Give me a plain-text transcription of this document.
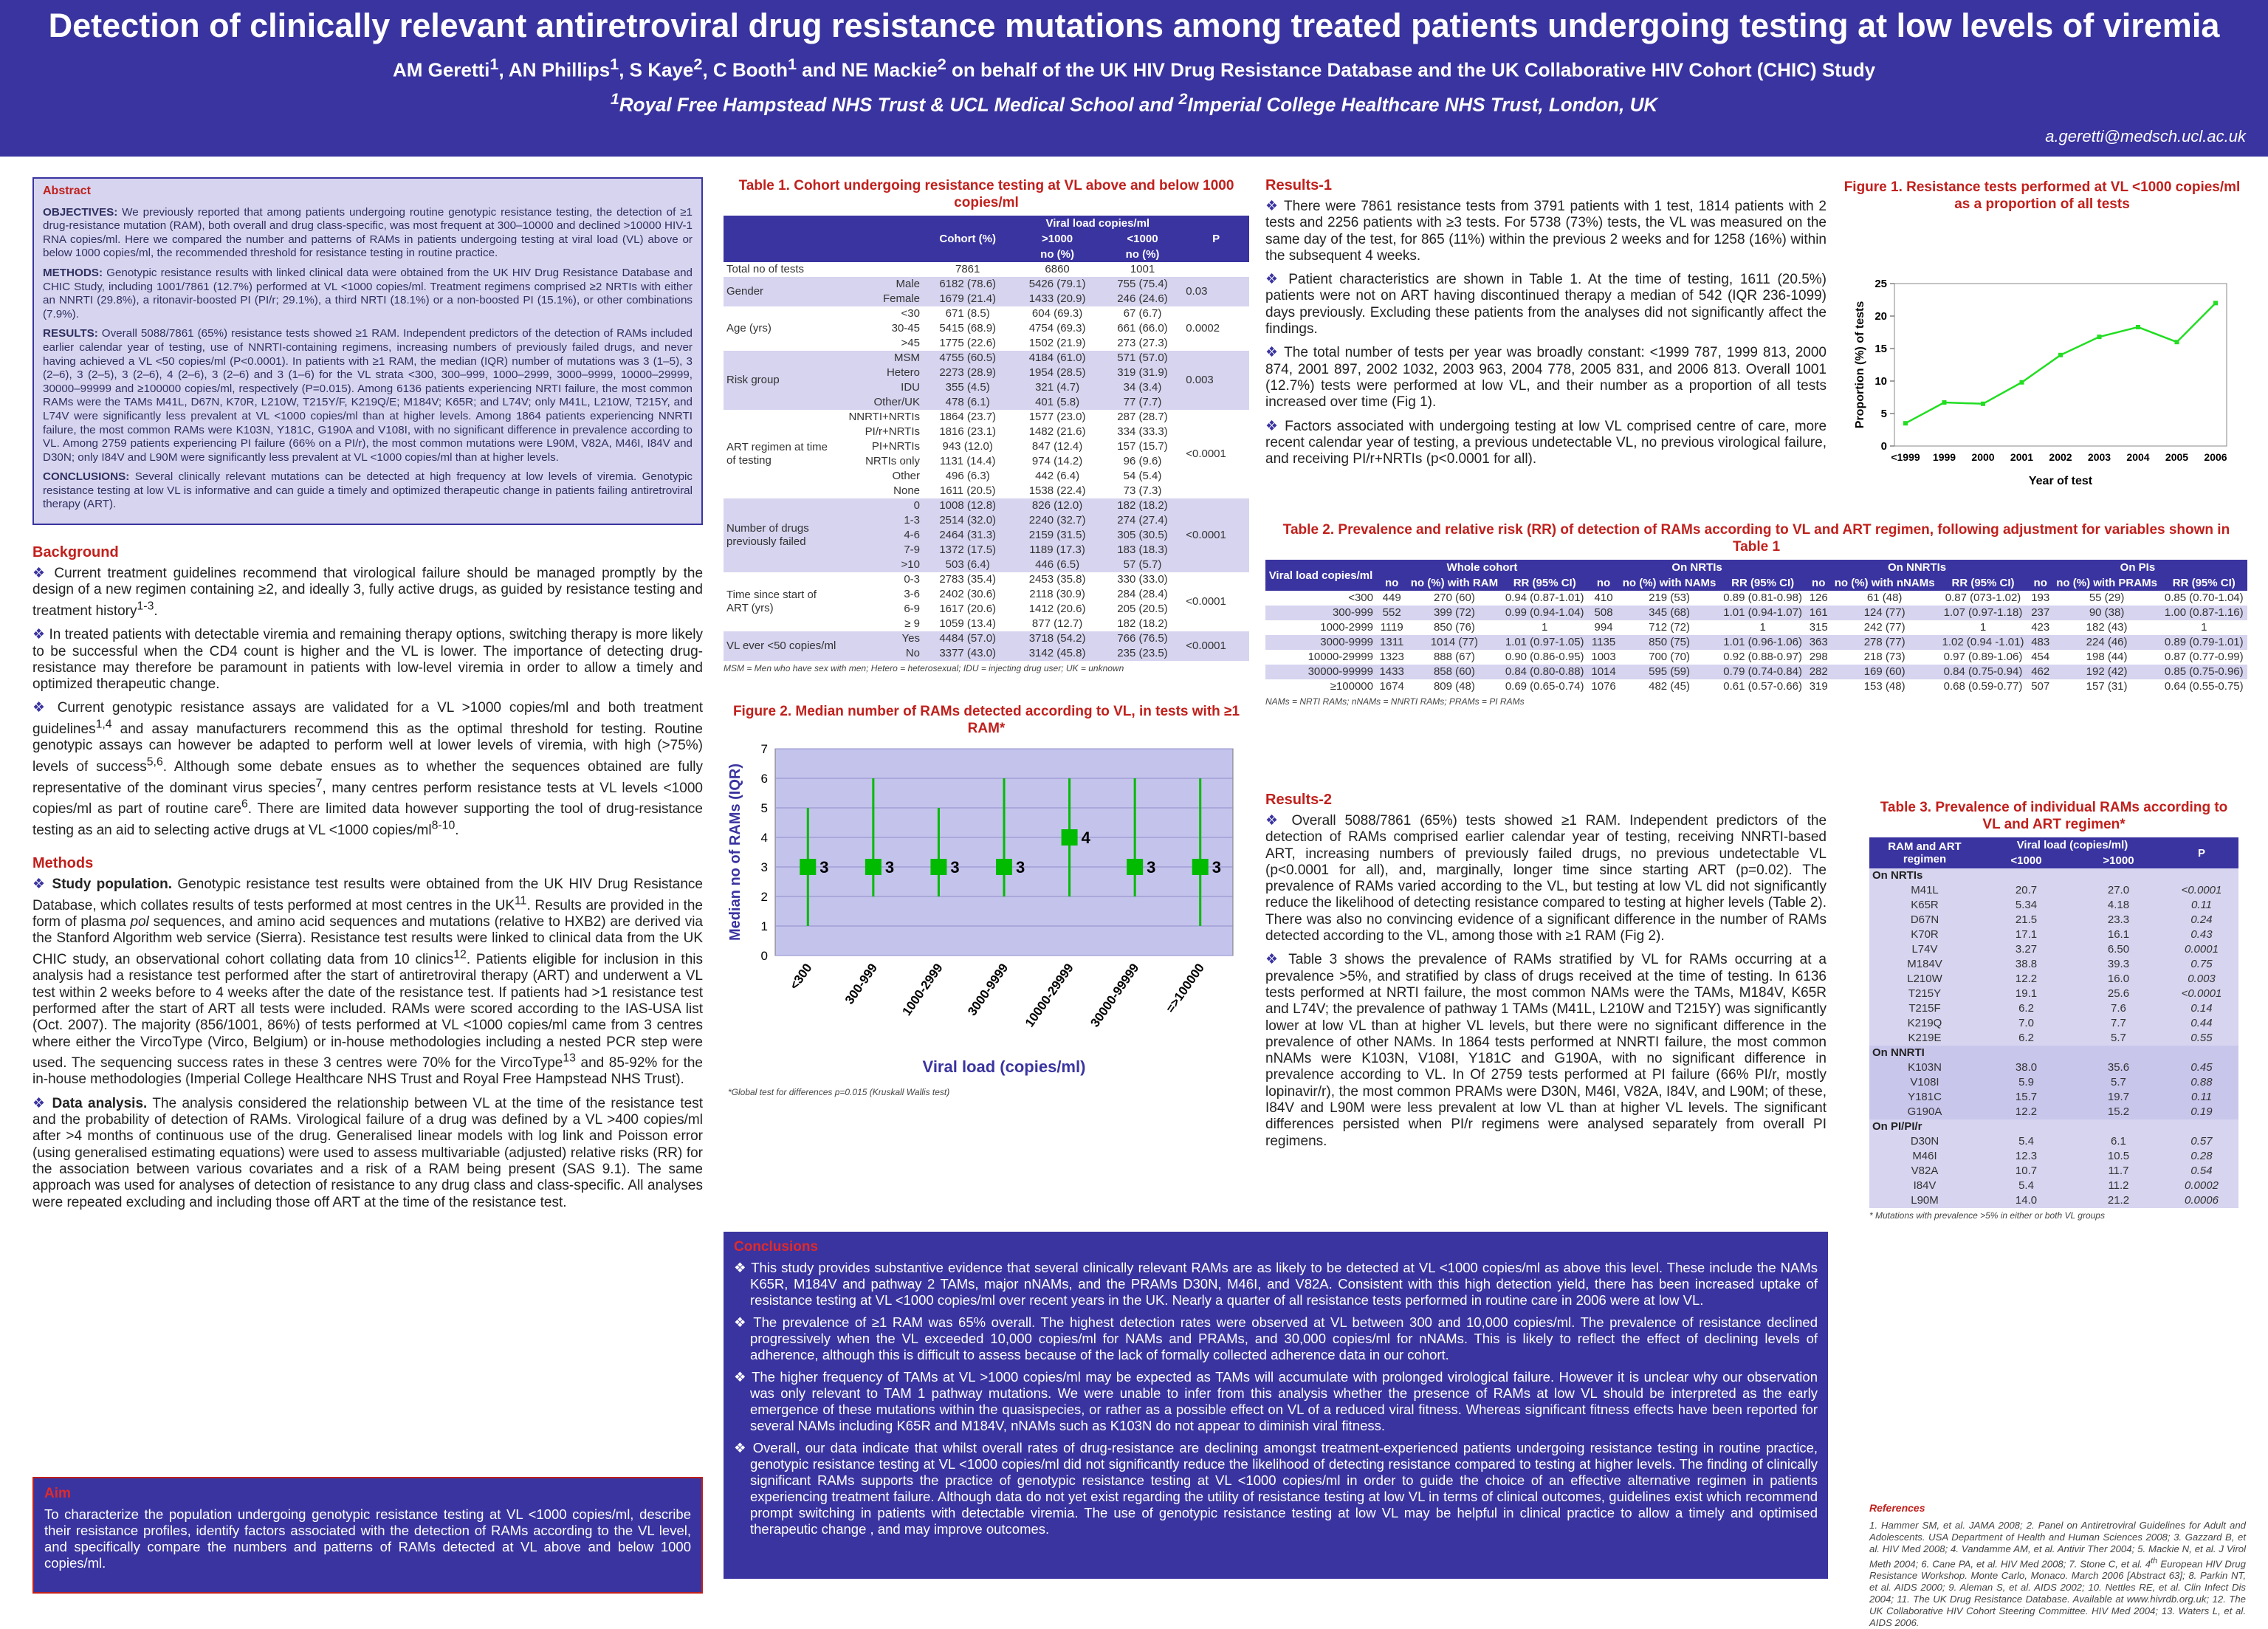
Detection of clinically relevant antiretroviral drug resistance mutations among treated patients undergoing testing at low levels of viremia
AM Geretti$^1$, AN Phillips$^1$, S Kaye$^2$, C Booth$^1$ and NE Mackie$^2$ on behalf of the UK HIV Drug Resistance Database and the UK Collaborative HIV Cohort (CHIC) Study
$^1$Royal Free Hampstead NHS Trust & UCL Medical School and $^2$Imperial College Healthcare NHS Trust, London, UK
a.geretti@medsch.ucl.ac.uk
Abstract

OBJECTIVES: We previously reported that among patients undergoing routine genotypic resistance testing, the detection of ≥1 drug-resistance mutation (RAM), both overall and drug class-specific, was most frequent at 300–10000 and declined >10000 HIV-1 RNA copies/ml. Here we compared the number and patterns of RAMs in patients undergoing testing at viral load (VL) above or below 1000 copies/ml, the recommended threshold for resistance testing in routine practice.

METHODS: Genotypic resistance results with linked clinical data were obtained from the UK HIV Drug Resistance Database and CHIC Study, including 1001/7861 (12.7%) performed at VL <1000 copies/ml. Treatment regimens comprised ≥2 NRTIs with either an NNRTI (29.8%), a ritonavir-boosted PI (PI/r; 29.1%), a third NRTI (18.1%) or a non-boosted PI (15.1%), or other combinations (7.9%).

RESULTS: Overall 5088/7861 (65%) resistance tests showed ≥1 RAM. Independent predictors of the detection of RAMs included earlier calendar year of testing, use of NNRTI-containing regimens, increasing numbers of previously failed drugs, and never having achieved a VL <50 copies/ml (P<0.0001). In patients with ≥1 RAM, the median (IQR) number of mutations was 3 (1–5), 3 (2–6), 3 (2–5), 3 (2–6), 4 (2–6), 3 (2–6) and 3 (1–6) for the VL strata <300, 300–999, 1000–2999, 3000–9999, 10000–29999, 30000–99999 and ≥100000 copies/ml, respectively (P=0.015). Among 6136 patients experiencing NRTI failure, the most common RAMs were the TAMs M41L, D67N, K70R, L210W, T215Y/F, K219Q/E; M184V; K65R; and L74V; only M41L, L210W, T215Y, and L74V were significantly less prevalent at VL <1000 copies/ml than at higher levels. Among 1864 patients experiencing NNRTI failure, the most common RAMs were K103N, Y181C, G190A and V108I, with no significant difference in prevalence according to VL. Among 2759 patients experiencing PI failure (66% on a PI/r), the most common mutations were L90M, V82A, M46I, I84V and D30N; only I84V and L90M were significantly less prevalent at VL <1000 copies/ml than at higher levels.

CONCLUSIONS: Several clinically relevant mutations can be detected at high frequency at low levels of viremia. Genotypic resistance testing at low VL is informative and can guide a timely and optimized therapeutic change in patients failing antiretroviral therapy (ART).

Background

❖ Current treatment guidelines recommend that virological failure should be managed promptly by the design of a new regimen containing ≥2, and ideally 3, fully active drugs, as guided by resistance testing and treatment history$^{1-3}$.

❖ In treated patients with detectable viremia and remaining therapy options, switching therapy is more likely to be successful when the CD4 count is higher and the VL is lower. The importance of detecting drug-resistance may therefore be paramount in patients with low-level viremia in order to allow a timely and optimized therapeutic change.

❖ Current genotypic resistance assays are validated for a VL >1000 copies/ml and both treatment guidelines$^{1,4}$ and assay manufacturers recommend this as the optimal threshold for testing. Routine genotypic assays can however be adapted to perform well at lower levels of viremia, with high (>75%) levels of success$^{5,6}$. Although some debate ensues as to whether the sequences obtained are fully representative of the dominant virus species$^7$, many centres perform resistance tests at VL levels <1000 copies/ml as part of routine care$^6$. There are limited data however supporting the tool of drug-resistance testing as an aid to selecting active drugs at VL <1000 copies/$ml^{8-10}$.

Methods

❖ Study population. Genotypic resistance test results were obtained from the UK HIV Drug Resistance Database, which collates results of tests performed at most centres in the UK$^{11}$. Results are provided in the form of plasma pol sequences, and amino acid sequences and mutations (relative to HXB2) are derived via the Stanford Algorithm web service (Sierra). Resistance test results were linked to clinical data from the UK CHIC study, an observational cohort collating data from 10 clinics$^{12}$. Patients eligible for inclusion in this analysis had a resistance test performed after the start of antiretroviral therapy (ART) and underwent a VL test within 2 weeks before to 4 weeks after the date of the resistance test. If patients had >1 resistance test performed after the start of ART all tests were included. RAMs were scored according to the IAS-USA list (Oct. 2007). The majority (856/1001, 86%) of tests performed at VL <1000 copies/ml came from 3 centres where either the VircoType (Virco, Belgium) or in-house methodologies including a nested PCR step were used. The sequencing success rates in these 3 centres were 70% for the VircoType$^{13}$ and 85-92% for the in-house methodologies (Imperial College Healthcare NHS Trust and Royal Free Hampstead NHS Trust).

❖ Data analysis. The analysis considered the relationship between VL at the time of the resistance test and the probability of detection of RAMs. Virological failure of a drug was defined by a VL >400 copies/ml after >4 months of continuous use of the drug. Generalised linear models with log link and Poisson error (using generalised estimating equations) were used to assess multivariable (adjusted) relative risks (RR) for the association between various covariates and a risk of a RAM being present (SAS 9.1). The same approach was used for analyses of detection of resistance to any drug class and class-specific. All analyses were repeated excluding and including those off ART at the time of the resistance test.

Aim
To characterize the population undergoing genotypic resistance testing at VL <1000 copies/ml, describe their resistance profiles, identify factors associated with the detection of RAMs according to the VL level, and specifically compare the numbers and patterns of RAMs detected at VL above and below 1000 copies/ml.
Table 1. Cohort undergoing resistance testing at VL above and below 1000 copies/ml
		Cohort (%)	Viral load copies/ml		P
			>1000	<1000	
			no (%)	no (%)	
Total no of tests		7861	6860	1001	
Gender	Male	6182 (78.6)	5426 (79.1)	755 (75.4)	0.03
	Female	1679 (21.4)	1433 (20.9)	246 (24.6)	
Age (yrs)	<30	671 (8.5)	604 (69.3)	67 (6.7)	0.0002
	30-45	5415 (68.9)	4754 (69.3)	661 (66.0)	
	>45	1775 (22.6)	1502 (21.9)	273 (27.3)	
Risk group	MSM	4755 (60.5)	4184 (61.0)	571 (57.0)	0.003
	Hetero	2273 (28.9)	1954 (28.5)	319 (31.9)	
	IDU	355 (4.5)	321 (4.7)	34 (3.4)	
	Other/UK	478 (6.1)	401 (5.8)	77 (7.7)	
ART regimen at time of testing	NNRTI+NRTIs	1864 (23.7)	1577 (23.0)	287 (28.7)	<0.0001
	PI/r+NRTIs	1816 (23.1)	1482 (21.6)	334 (33.3)	
	PI+NRTIs	943 (12.0)	847 (12.4)	157 (15.7)	
	NRTIs only	1131 (14.4)	974 (14.2)	96 (9.6)	
	Other	496 (6.3)	442 (6.4)	54 (5.4)	
	None	1611 (20.5)	1538 (22.4)	73 (7.3)	
Number of drugs previously failed	0	1008 (12.8)	826 (12.0)	182 (18.2)	<0.0001
	1-3	2514 (32.0)	2240 (32.7)	274 (27.4)	
	4-6	2464 (31.3)	2159 (31.5)	305 (30.5)	
	7-9	1372 (17.5)	1189 (17.3)	183 (18.3)	
	>10	503 (6.4)	446 (6.5)	57 (5.7)	
Time since start of ART (yrs)	0-3	2783 (35.4)	2453 (35.8)	330 (33.0)	<0.0001
	3-6	2402 (30.6)	2118 (30.9)	284 (28.4)	
	6-9	1617 (20.6)	1412 (20.6)	205 (20.5)	
	≥ 9	1059 (13.4)	877 (12.7)	182 (18.2)	
VL ever <50 copies/ml	Yes	4484 (57.0)	3718 (54.2)	766 (76.5)	<0.0001
	No	3377 (43.0)	3142 (45.8)	235 (23.5)	
MSM = Men who have sex with men; Hetero = heterosexual; IDU = injecting drug user; UK = unknown
Figure 2. Median number of RAMs detected according to VL, in tests with ≥1 RAM*
0
1
2
3
4
5
6
7
3
<300
3
300-999
3
1000-2999
3
3000-9999
4
10000-29999
3
30000-99999
3
=>100000
Viral load (copies/ml)
Median no of RAMs (IQR)
*Global test for differences p=0.015 (Kruskall Wallis test)
Conclusions
❖ This study provides substantive evidence that several clinically relevant RAMs are as likely to be detected at VL <1000 copies/ml as above this level. These include the NAMs K65R, M184V and pathway 2 TAMs, major nNAMs, and the PRAMs D30N, M46I, and V82A. Consistent with this high detection yield, there has been increased uptake of resistance testing at VL <1000 copies/ml over recent years in the UK. Nearly a quarter of all resistance tests performed in routine care in 2006 were at low VL.
❖ The prevalence of ≥1 RAM was 65% overall. The highest detection rates were observed at VL between 300 and 10,000 copies/ml. The prevalence of resistance declined progressively when the VL exceeded 10,000 copies/ml for NAMs and PRAMs, and 30,000 copies/ml for nNAMs. This is likely to reflect the effect of declining levels of adherence, although this is difficult to assess because of the lack of formally collected adherence data in our cohort.
❖ The higher frequency of TAMs at VL >1000 copies/ml may be expected as TAMs will accumulate with prolonged virological failure. However it is unclear why our observation was only relevant to TAM 1 pathway mutations. We were unable to infer from this analysis whether the presence of RAMs at low VL should be interpreted as the early emergence of these mutations within the quasispecies, or rather as a possible effect on VL of a reduced viral fitness. Whereas significant fitness effects have been reported for several NAMs including K65R and M184V, nNAMs such as K103N do not appear to diminish viral fitness.
❖ Overall, our data indicate that whilst overall rates of drug-resistance are declining amongst treatment-experienced patients undergoing resistance testing in routine practice, genotypic resistance testing at VL <1000 copies/ml did not significantly reduce the likelihood of detecting resistance compared to testing at higher levels. The finding of clinically significant RAMs supports the practice of genotypic resistance testing at VL <1000 copies/ml in order to guide the choice of an effective alternative regimen in patients experiencing treatment failure. Although data do not yet exist regarding the utility of resistance testing at low VL in terms of clinical outcomes, guidelines exist which recommend prompt switching in patients with detectable viremia. The use of genotypic resistance testing at low VL may be helpful in clinical practice to allow a timely and optimised therapeutic change , and may improve outcomes.
Results-1

❖ There were 7861 resistance tests from 3791 patients with 1 test, 1814 patients with 2 tests and 2256 patients with ≥3 tests. For 5738 (73%) tests, the VL was measured on the same day of the test, for 865 (11%) within the previous 2 weeks and for 1258 (16%) within the subsequent 4 weeks.

❖ Patient characteristics are shown in Table 1. At the time of testing, 1611 (20.5%) patients were not on ART having discontinued therapy a median of 542 (IQR 236-1099) days previously. Excluding these patients from the analyses did not significantly affect the findings.

❖ The total number of tests per year was broadly constant: <1999 787, 1999 813, 2000 874, 2001 897, 2002 1032, 2003 963, 2004 778, 2005 831, and 2006 813. Overall 1001 (12.7%) tests were performed at low VL, and their number as a proportion of all tests increased over time (Fig 1).

❖ Factors associated with undergoing testing at low VL comprised centre of care, more recent calendar year of testing, a previous undetectable VL, no previous virological failure, and receiving PI/r+NRTIs (p<0.0001 for all).

Figure 1. Resistance tests performed at VL <1000 copies/ml as a proportion of all tests
0
5
10
15
20
25
<1999 1999 2000 2001 2002 2003 2004 2005 2006
Year of test
Proportion (%) of tests
Table 2. Prevalence and relative risk (RR) of detection of RAMs according to VL and ART regimen, following adjustment for variables shown in Table 1
Viral load copies/ml	Whole cohort			On NRTIs			On NNRTIs			On PIs		
	no	no (%) with RAM	RR (95% CI)	no	no (%) with NAMs	RR (95% CI)	no	no (%) with nNAMs	RR (95% CI)	no	no (%) with PRAMs	RR (95% CI)
<300	449	270 (60)	0.94 (0.87-1.01)	410	219 (53)	0.89 (0.81-0.98)	126	61 (48)	0.87 (073-1.02)	193	55 (29)	0.85 (0.70-1.04)
300-999	552	399 (72)	0.99 (0.94-1.04)	508	345 (68)	1.01 (0.94-1.07)	161	124 (77)	1.07 (0.97-1.18)	237	90 (38)	1.00 (0.87-1.16)
1000-2999	1119	850 (76)	1	994	712 (72)	1	315	242 (77)	1	423	182 (43)	1
3000-9999	1311	1014 (77)	1.01 (0.97-1.05)	1135	850 (75)	1.01 (0.96-1.06)	363	278 (77)	1.02 (0.94 -1.01)	483	224 (46)	0.89 (0.79-1.01)
10000-29999	1323	888 (67)	0.90 (0.86-0.95)	1003	700 (70)	0.92 (0.88-0.97)	298	218 (73)	0.97 (0.89-1.06)	454	198 (44)	0.87 (0.77-0.99)
30000-99999	1433	858 (60)	0.84 (0.80-0.88)	1014	595 (59)	0.79 (0.74-0.84)	282	169 (60)	0.84 (0.75-0.94)	462	192 (42)	0.85 (0.75-0.96)
≥100000	1674	809 (48)	0.69 (0.65-0.74)	1076	482 (45)	0.61 (0.57-0.66)	319	153 (48)	0.68 (0.59-0.77)	507	157 (31)	0.64 (0.55-0.75)
NAMs = NRTI RAMs; nNAMs = NNRTI RAMs; PRAMs = PI RAMs
Results-2

❖ Overall 5088/7861 (65%) tests showed ≥1 RAM. Independent predictors of the detection of RAMs comprised earlier calendar year of testing, receiving NNRTI-based ART, increasing numbers of previously failed drugs, no previous undetectable VL (p<0.0001 for all), and, marginally, longer time since starting ART (p=0.02). The prevalence of RAMs varied according to the VL, but testing at low VL did not significantly reduce the likelihood of detecting resistance compared to testing at higher levels (Table 2). There was also no convincing evidence of a significant difference in the number of RAMs detected according to the VL, among those with ≥1 RAM (Fig 2).

❖ Table 3 shows the prevalence of RAMs stratified by VL for RAMs occurring at a prevalence >5%, and stratified by class of drugs received at the time of testing. In 6136 tests performed at NRTI failure, the most common NAMs were the TAMs, M184V, K65R and L74V; the prevalence of pathway 1 TAMs (M41L, L210W and T215Y) was significantly lower at low VL than at higher VL levels, but there were no significant difference in the prevalence of other NAMs. In 1864 tests performed at NNRTI failure, the most common nNAMs were K103N, V108I, Y181C and G190A, with no significant difference in prevalence according to VL. In Of 2759 tests performed at PI failure (66% PI/r, mostly lopinavir/r), the most common PRAMs were D30N, M46I, V82A, I84V, and L90M; of these, I84V and L90M were less prevalent at low VL than at higher VL levels. The significant differences persisted when PI/r regimens were analysed separately from overall PI regimens.

Table 3. Prevalence of individual RAMs according to VL and ART regimen*
RAM and ART regimen	Viral load (copies/ml)		P
	<1000	>1000	
On NRTIs			
M41L	20.7	27.0	<0.0001
K65R	5.34	4.18	0.11
D67N	21.5	23.3	0.24
K70R	17.1	16.1	0.43
L74V	3.27	6.50	0.0001
M184V	38.8	39.3	0.75
L210W	12.2	16.0	0.003
T215Y	19.1	25.6	<0.0001
T215F	6.2	7.6	0.14
K219Q	7.0	7.7	0.44
K219E	6.2	5.7	0.55
On NNRTI			
K103N	38.0	35.6	0.45
V108I	5.9	5.7	0.88
Y181C	15.7	19.7	0.11
G190A	12.2	15.2	0.19
On PI/PI/r			
D30N	5.4	6.1	0.57
M46I	12.3	10.5	0.28
V82A	10.7	11.7	0.54
I84V	5.4	11.2	0.0002
L90M	14.0	21.2	0.0006
* Mutations with prevalence >5% in either or both VL groups
References
1. Hammer SM, et al. JAMA 2008; 2. Panel on Antiretroviral Guidelines for Adult and Adolescents. USA Department of Health and Human Sciences 2008; 3. Gazzard B, et al. HIV Med 2008; 4. Vandamme AM, et al. Antivir Ther 2004; 5. Mackie N, et al. J Virol Meth 2004; 6. Cane PA, et al. HIV Med 2008; 7. Stone C, et al. 4th European HIV Drug Resistance Workshop. Monte Carlo, Monaco. March 2006 [Abstract 63]; 8. Parkin NT, et al. AIDS 2000; 9. Aleman S, et al. AIDS 2002; 10. Nettles RE, et al. Clin Infect Dis 2004; 11. The UK Drug Resistance Database. Available at www.hivrdb.org.uk; 12. The UK Collaborative HIV Cohort Steering Committee. HIV Med 2004; 13. Waters L, et al. AIDS 2006.
